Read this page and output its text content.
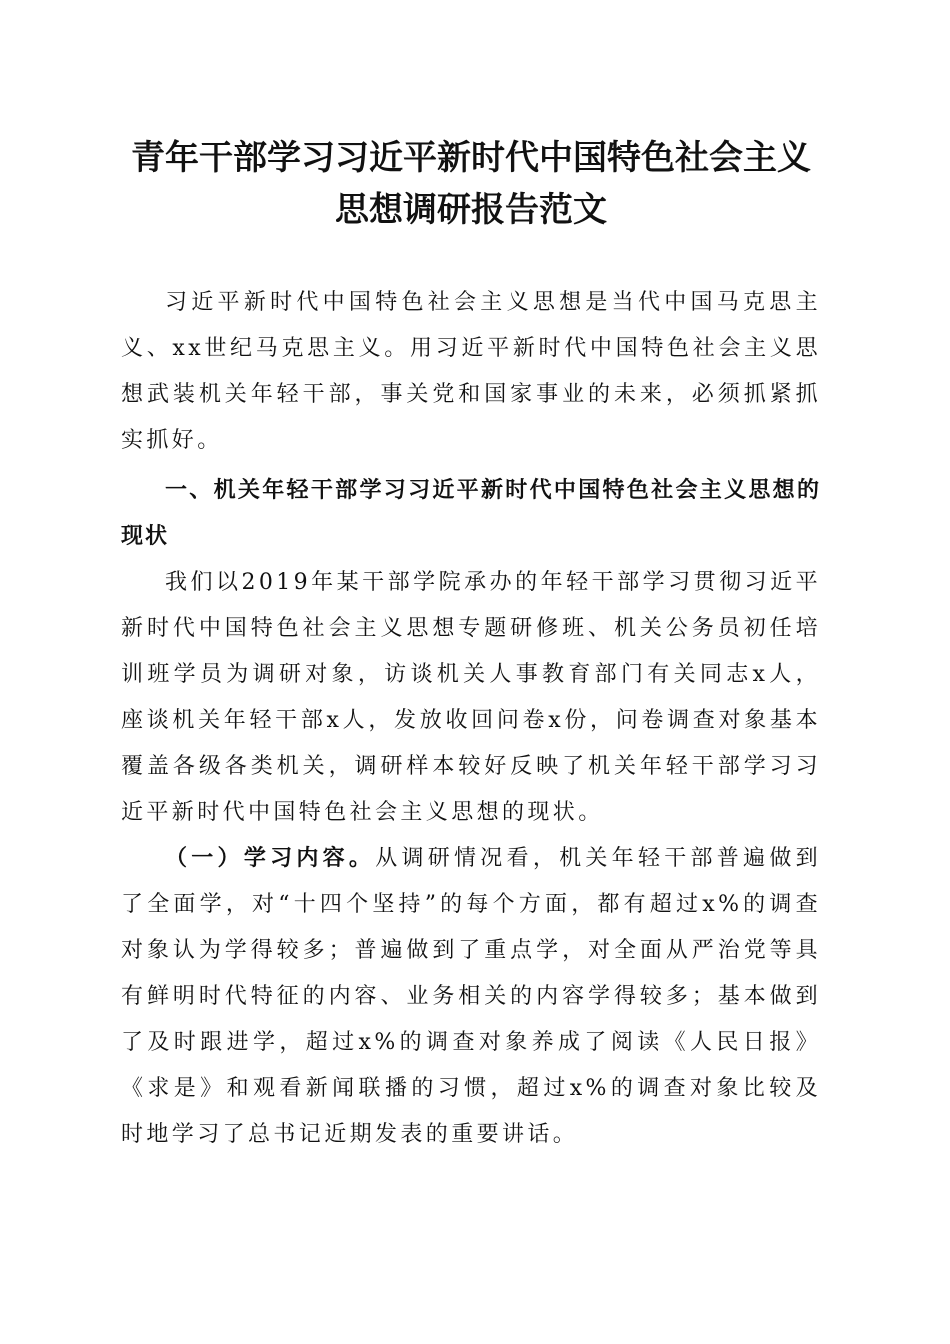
青年干部学习习近平新时代中国特色社会主义
思想调研报告范文

习近平新时代中国特色社会主义思想是当代中国马克思主义、xx世纪马克思主义。用习近平新时代中国特色社会主义思想武装机关年轻干部，事关党和国家事业的未来，必须抓紧抓实抓好。

一、机关年轻干部学习习近平新时代中国特色社会主义思想的现状

我们以2019年某干部学院承办的年轻干部学习贯彻习近平新时代中国特色社会主义思想专题研修班、机关公务员初任培训班学员为调研对象，访谈机关人事教育部门有关同志x人，座谈机关年轻干部x人，发放收回问卷x份，问卷调查对象基本覆盖各级各类机关，调研样本较好反映了机关年轻干部学习习近平新时代中国特色社会主义思想的现状。

（一）学习内容。从调研情况看，机关年轻干部普遍做到了全面学，对“十四个坚持”的每个方面，都有超过x%的调查对象认为学得较多；普遍做到了重点学，对全面从严治党等具有鲜明时代特征的内容、业务相关的内容学得较多；基本做到了及时跟进学，超过x%的调查对象养成了阅读《人民日报》《求是》和观看新闻联播的习惯，超过x%的调查对象比较及时地学习了总书记近期发表的重要讲话。
